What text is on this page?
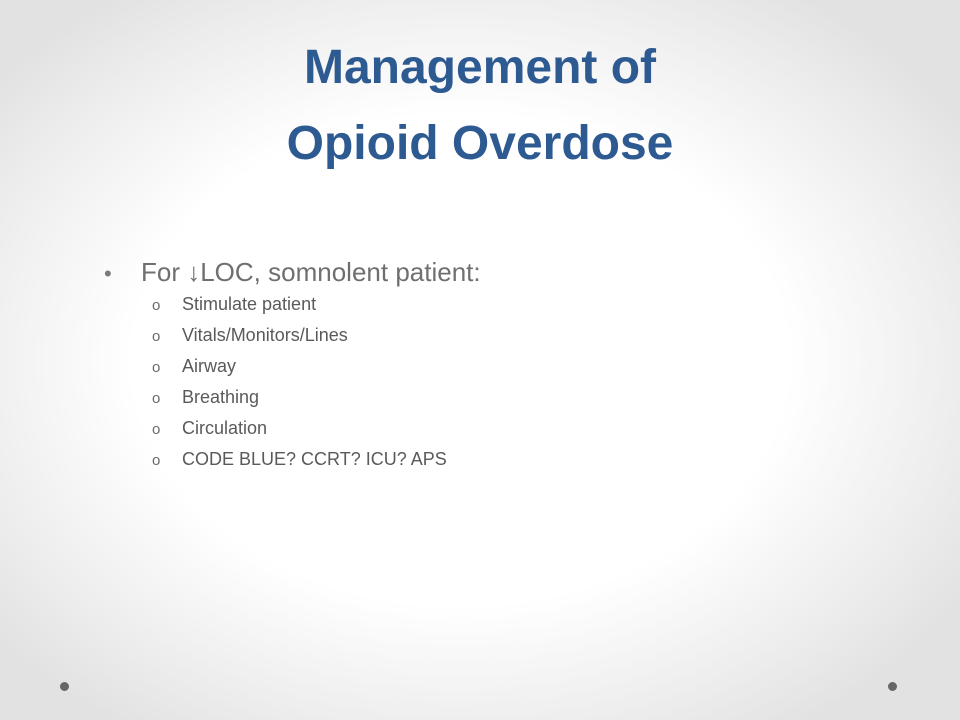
Management of
Opioid Overdose
•	For ↓LOC, somnolent patient:
o	Stimulate patient
o	Vitals/Monitors/Lines
o	Airway
o	Breathing
o	Circulation
o	CODE BLUE? CCRT? ICU? APS
